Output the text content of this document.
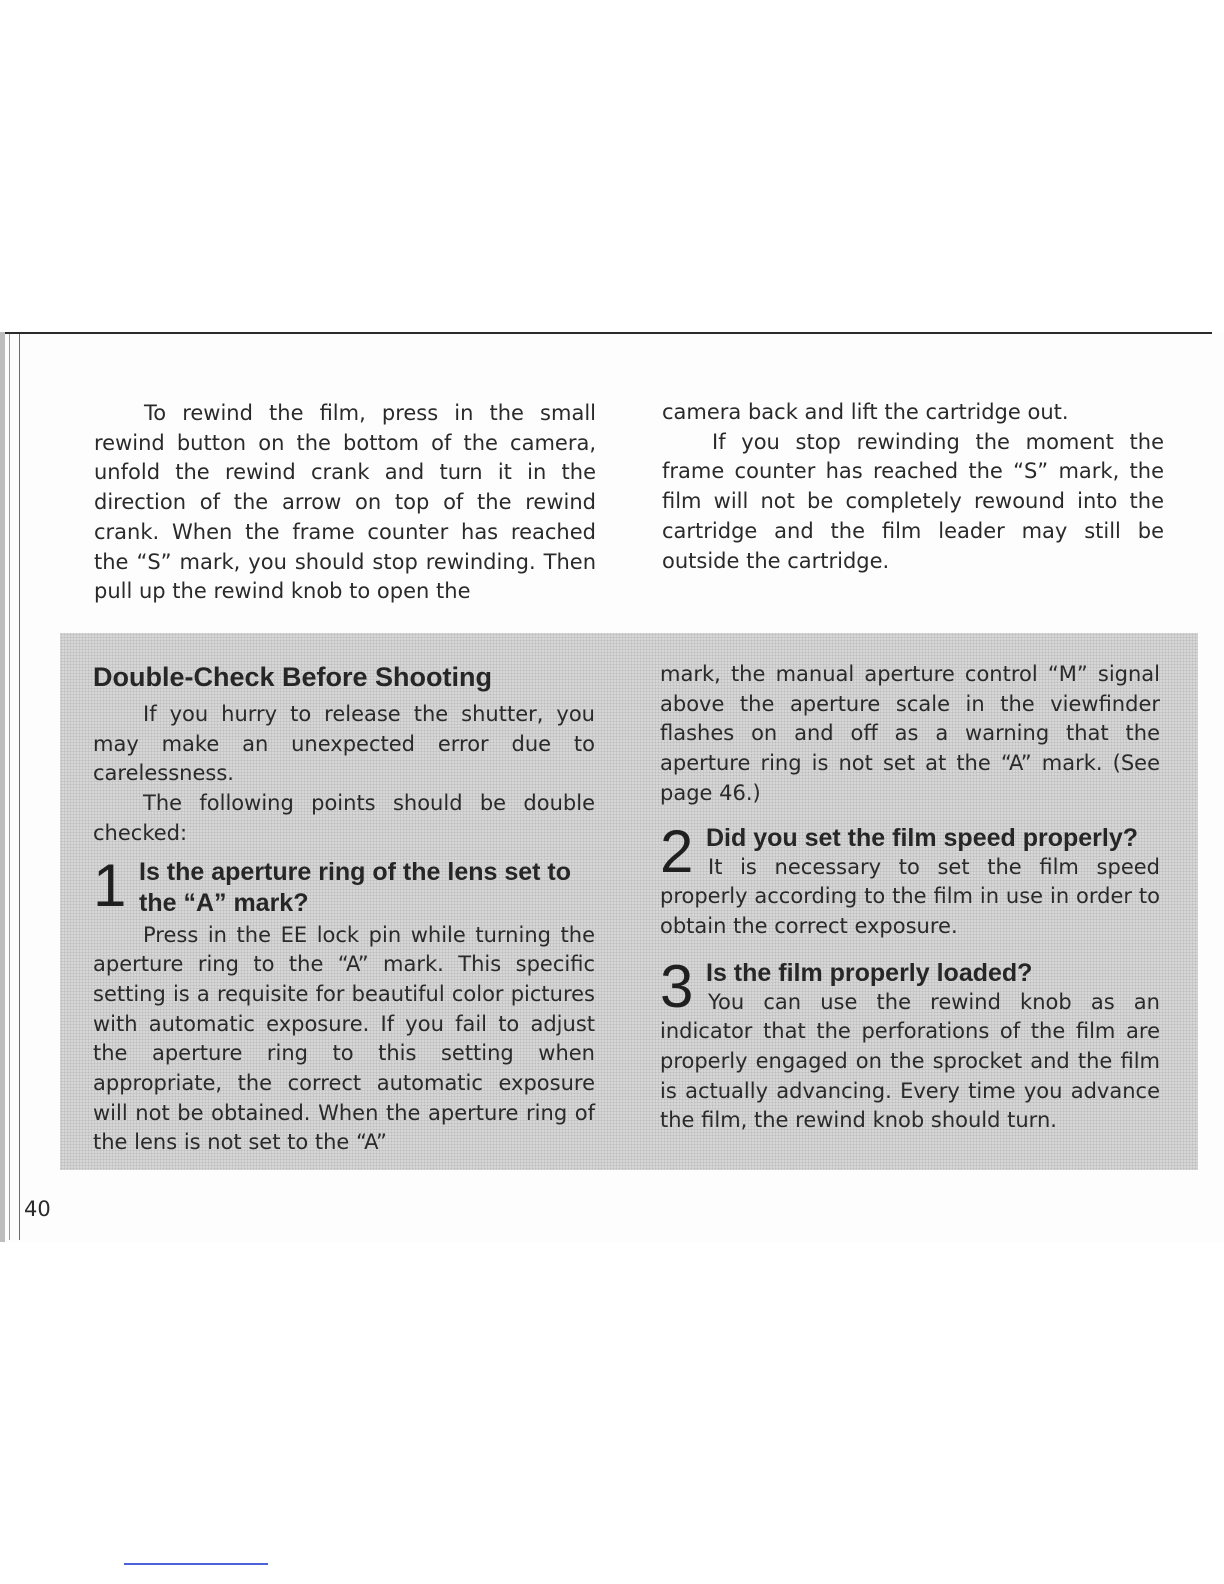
To rewind the film, press in the small rewind button on the bottom of the camera, unfold the rewind crank and turn it in the direction of the arrow on top of the rewind crank. When the frame counter has reached the “S” mark, you should stop rewinding. Then pull up the rewind knob to open the

camera back and lift the cartridge out.

If you stop rewinding the moment the frame counter has reached the “S” mark, the film will not be completely rewound into the cartridge and the film leader may still be outside the cartridge.

Double-Check Before Shooting

If you hurry to release the shutter, you may make an unexpected error due to carelessness.

The following points should be double checked:

1 Is the aperture ring of the lens set to the “A” mark?

Press in the EE lock pin while turning the aperture ring to the “A” mark. This specific setting is a requisite for beautiful color pictures with automatic exposure. If you fail to adjust the aperture ring to this setting when appropriate, the correct automatic exposure will not be obtained. When the aperture ring of the lens is not set to the “A”

mark, the manual aperture control “M” signal above the aperture scale in the viewfinder flashes on and off as a warning that the aperture ring is not set at the “A” mark. (See page 46.)

2 Did you set the film speed properly?

It is necessary to set the film speed properly according to the film in use in order to obtain the correct exposure.

3 Is the film properly loaded?

You can use the rewind knob as an indicator that the perforations of the film are properly engaged on the sprocket and the film is actually advancing. Every time you advance the film, the rewind knob should turn.

40
